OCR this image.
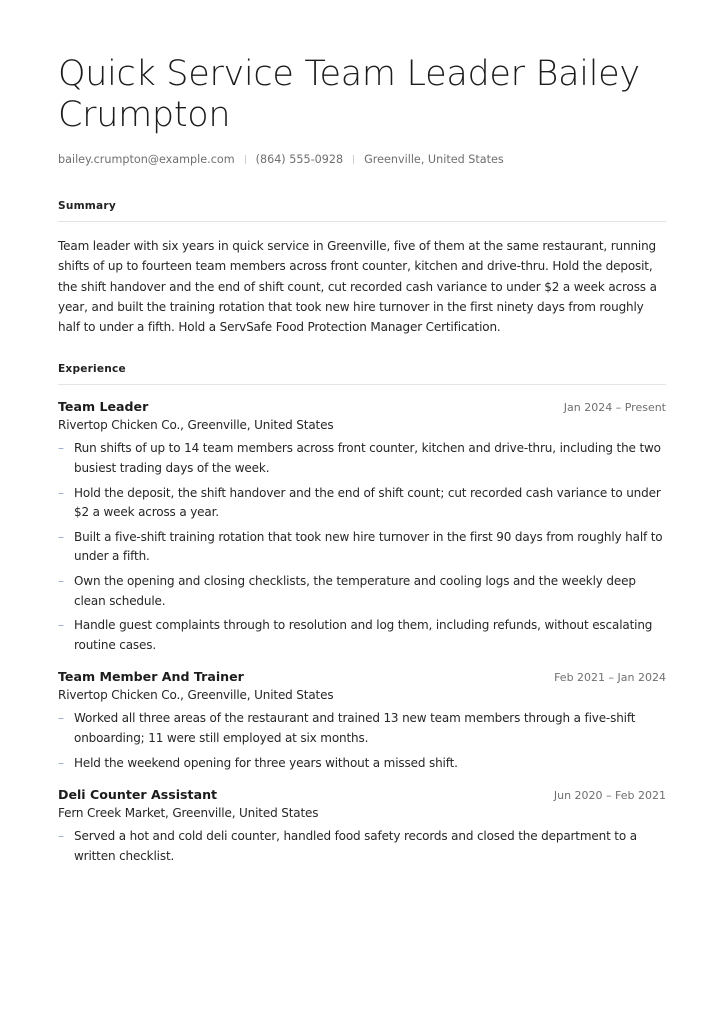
Quick Service Team Leader Bailey Crumpton
bailey.crumpton@example.com (864) 555-0928 Greenville, United States
Summary

Team leader with six years in quick service in Greenville, five of them at the same restaurant, running shifts of up to fourteen team members across front counter, kitchen and drive-thru. Hold the deposit, the shift handover and the end of shift count, cut recorded cash variance to under $2 a week across a year, and built the training rotation that took new hire turnover in the first ninety days from roughly half to under a fifth. Hold a ServSafe Food Protection Manager Certification.

Experience
Team Leader	Jan 2024 – Present
Rivertop Chicken Co., Greenville, United States
– Run shifts of up to 14 team members across front counter, kitchen and drive-thru, including the two busiest trading days of the week.
– Hold the deposit, the shift handover and the end of shift count; cut recorded cash variance to under $2 a week across a year.
– Built a five-shift training rotation that took new hire turnover in the first 90 days from roughly half to under a fifth.
– Own the opening and closing checklists, the temperature and cooling logs and the weekly deep clean schedule.
– Handle guest complaints through to resolution and log them, including refunds, without escalating routine cases.
Team Member And Trainer	Feb 2021 – Jan 2024
Rivertop Chicken Co., Greenville, United States
– Worked all three areas of the restaurant and trained 13 new team members through a five-shift onboarding; 11 were still employed at six months.
– Held the weekend opening for three years without a missed shift.
Deli Counter Assistant	Jun 2020 – Feb 2021
Fern Creek Market, Greenville, United States
– Served a hot and cold deli counter, handled food safety records and closed the department to a written checklist.
